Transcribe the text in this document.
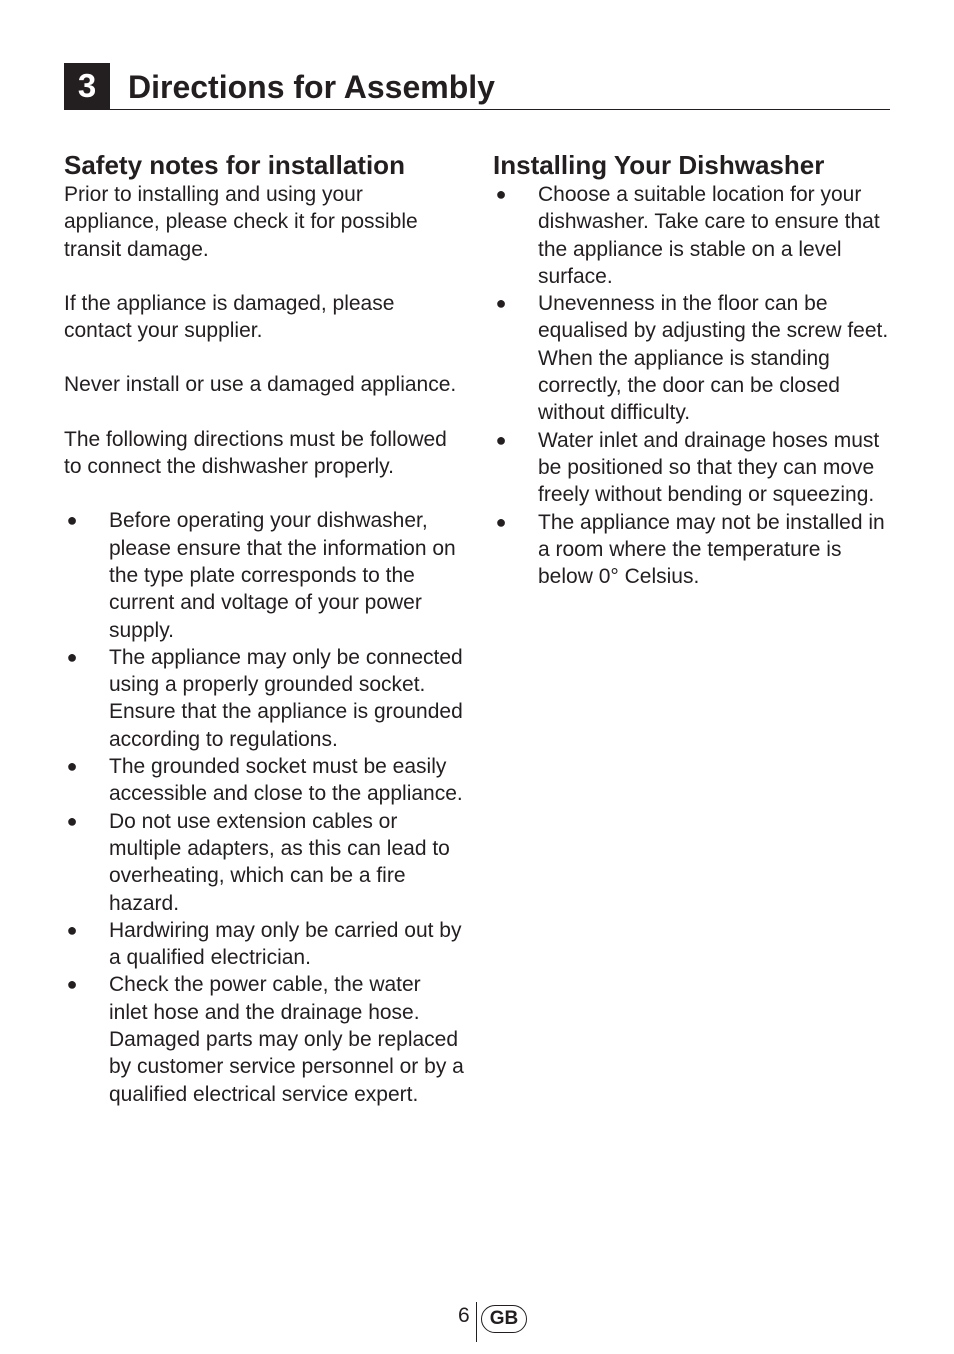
3 Directions for Assembly
Safety notes for installation

Prior to installing and using your appliance, please check it for possible transit damage.

If the appliance is damaged, please contact your supplier.

Never install or use a damaged appliance.

The following directions must be followed to connect the dishwasher properly.

● Before operating your dishwasher, please ensure that the information on the type plate corresponds to the current and voltage of your power supply.
● The appliance may only be connected using a properly grounded socket. Ensure that the appliance is grounded according to regulations.
● The grounded socket must be easily accessible and close to the appliance.
● Do not use extension cables or multiple adapters, as this can lead to overheating, which can be a fire hazard.
● Hardwiring may only be carried out by a qualified electrician.
● Check the power cable, the water inlet hose and the drainage hose. Damaged parts may only be replaced by customer service personnel or by a qualified electrical service expert.
Installing Your Dishwasher
● Choose a suitable location for your dishwasher. Take care to ensure that the appliance is stable on a level surface.
● Unevenness in the floor can be equalised by adjusting the screw feet. When the appliance is standing correctly, the door can be closed without difficulty.
● Water inlet and drainage hoses must be positioned so that they can move freely without bending or squeezing.
● The appliance may not be installed in a room where the temperature is below 0° Celsius.
6	GB
